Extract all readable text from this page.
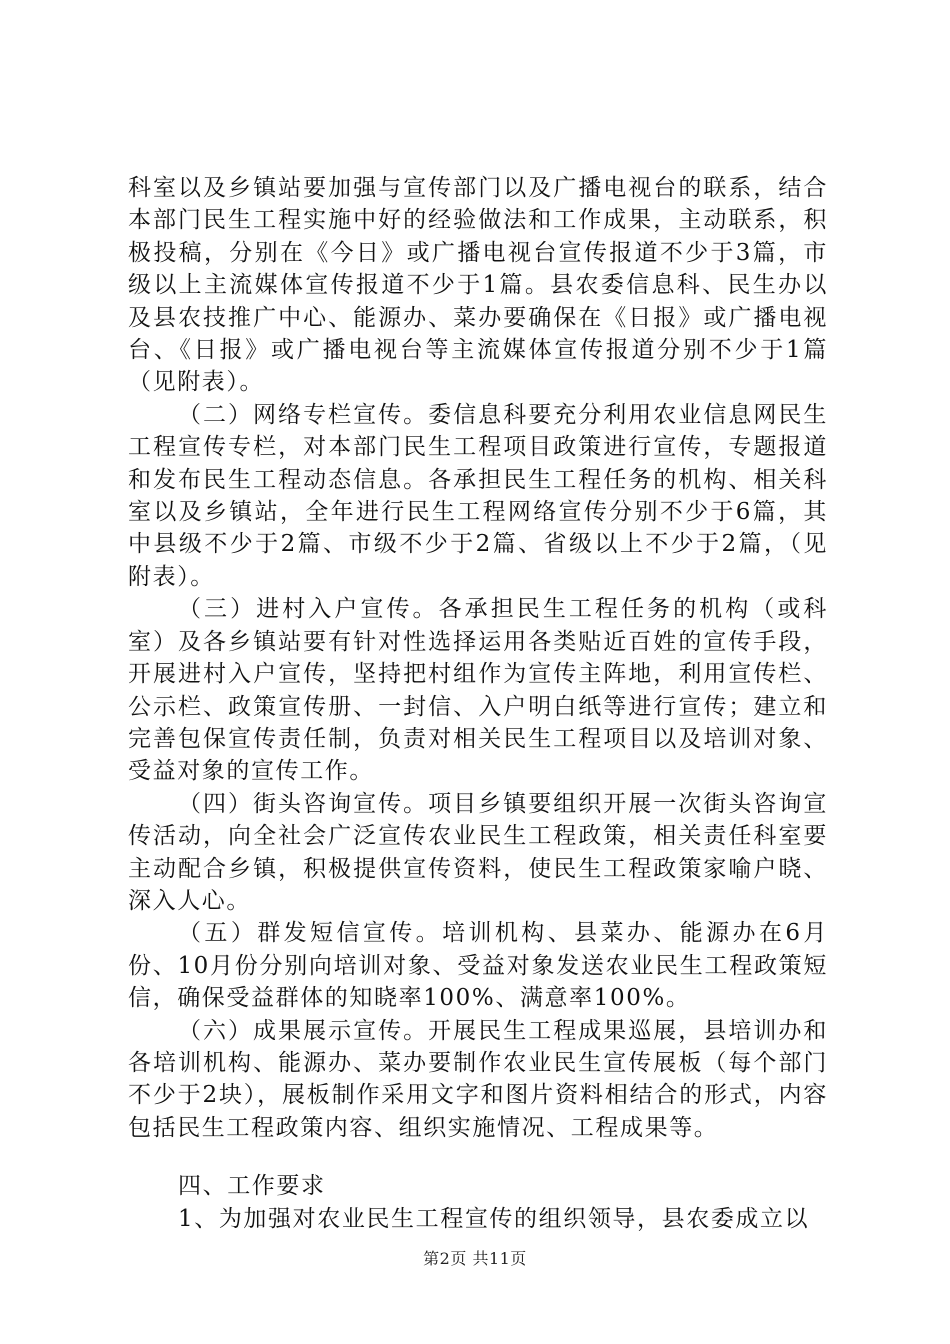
科室以及乡镇站要加强与宣传部门以及广播电视台的联系，结合本部门民生工程实施中好的经验做法和工作成果，主动联系，积极投稿，分别在《今日》或广播电视台宣传报道不少于3篇，市级以上主流媒体宣传报道不少于1篇。县农委信息科、民生办以及县农技推广中心、能源办、菜办要确保在《日报》或广播电视台、《日报》或广播电视台等主流媒体宣传报道分别不少于1篇（见附表）。

（二）网络专栏宣传。委信息科要充分利用农业信息网民生工程宣传专栏，对本部门民生工程项目政策进行宣传，专题报道和发布民生工程动态信息。各承担民生工程任务的机构、相关科室以及乡镇站，全年进行民生工程网络宣传分别不少于6篇，其中县级不少于2篇、市级不少于2篇、省级以上不少于2篇，（见附表）。

（三）进村入户宣传。各承担民生工程任务的机构（或科室）及各乡镇站要有针对性选择运用各类贴近百姓的宣传手段，开展进村入户宣传，坚持把村组作为宣传主阵地，利用宣传栏、公示栏、政策宣传册、一封信、入户明白纸等进行宣传；建立和完善包保宣传责任制，负责对相关民生工程项目以及培训对象、受益对象的宣传工作。

（四）街头咨询宣传。项目乡镇要组织开展一次街头咨询宣传活动，向全社会广泛宣传农业民生工程政策，相关责任科室要主动配合乡镇，积极提供宣传资料，使民生工程政策家喻户晓、深入人心。

（五）群发短信宣传。培训机构、县菜办、能源办在6月份、10月份分别向培训对象、受益对象发送农业民生工程政策短信，确保受益群体的知晓率100%、满意率100%。

（六）成果展示宣传。开展民生工程成果巡展，县培训办和各培训机构、能源办、菜办要制作农业民生宣传展板（每个部门不少于2块），展板制作采用文字和图片资料相结合的形式，内容包括民生工程政策内容、组织实施情况、工程成果等。

四、工作要求

1、为加强对农业民生工程宣传的组织领导，县农委成立以

第2页 共11页
